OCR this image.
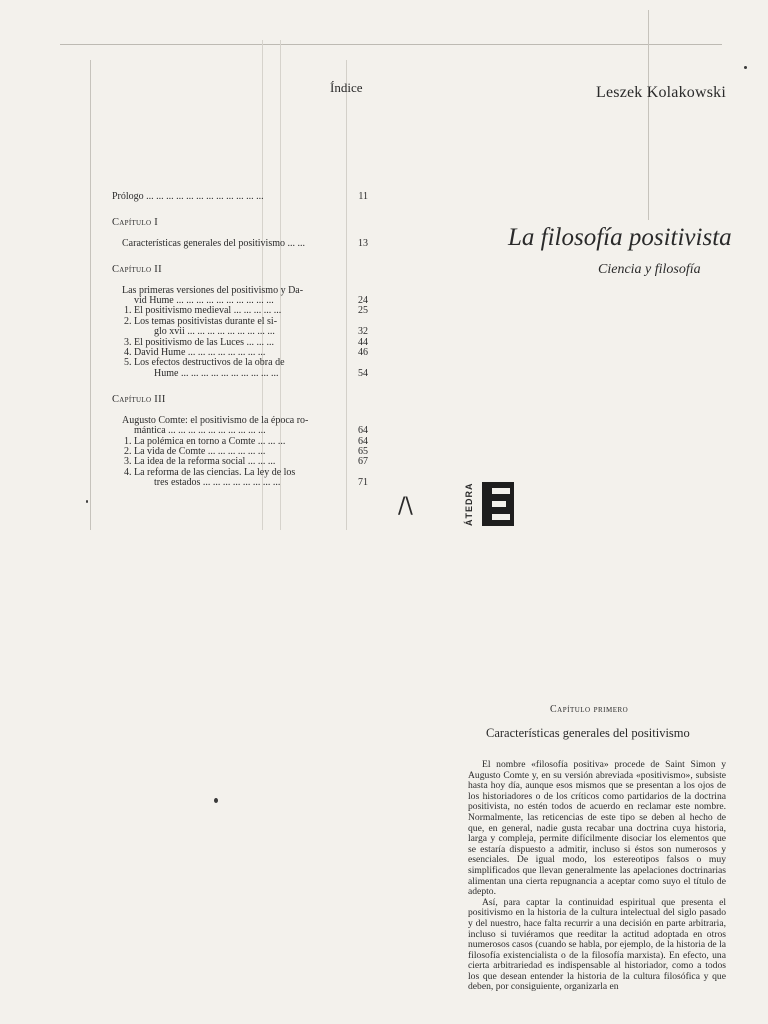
Índice
Prólogo ... ... ... ... ... ... ... ... ... ... ... ...	11
Capítulo I
Características generales del positivismo ... ...	13
Capítulo II
Las primeras versiones del positivismo y Da-
vid Hume ... ... ... ... ... ... ... ... ... ...	24
1. El positivismo medieval ... ... ... ... ...	25
2. Los temas positivistas durante el si-
glo xvii ... ... ... ... ... ... ... ... ...	32
3. El positivismo de las Luces ... ... ...	44
4. David Hume ... ... ... ... ... ... ... ...	46
5. Los efectos destructivos de la obra de
Hume ... ... ... ... ... ... ... ... ... ...	54
Capítulo III
Augusto Comte: el positivismo de la época ro-
mántica ... ... ... ... ... ... ... ... ... ...	64
1. La polémica en torno a Comte ... ... ...	64
2. La vida de Comte ... ... ... ... ... ...	65
3. La idea de la reforma social ... ... ...	67
4. La reforma de las ciencias. La ley de los
tres estados ... ... ... ... ... ... ... ...	71
/\
Leszek Kolakowski
La filosofía positivista
Ciencia y filosofía
ÁTEDRA
Capítulo primero
Características generales del positivismo

El nombre «filosofía positiva» procede de Saint Simon y Augusto Comte y, en su versión abreviada «positivismo», subsiste hasta hoy día, aunque esos mismos que se presentan a los ojos de los historiadores o de los críticos como partidarios de la doctrina positivista, no estén todos de acuerdo en reclamar este nombre. Normalmente, las reticencias de este tipo se deben al hecho de que, en general, nadie gusta recabar una doctrina cuya historia, larga y compleja, permite difícilmente disociar los elementos que se estaría dispuesto a admitir, incluso si éstos son numerosos y esenciales. De igual modo, los estereotipos falsos o muy simplificados que llevan generalmente las apelaciones doctrinarias alimentan una cierta repugnancia a aceptar como suyo el título de adepto.

Así, para captar la continuidad espiritual que presenta el positivismo en la historia de la cultura intelectual del siglo pasado y del nuestro, hace falta recurrir a una decisión en parte arbitraria, incluso si tuviéramos que reeditar la actitud adoptada en otros numerosos casos (cuando se habla, por ejemplo, de la historia de la filosofía existencialista o de la filosofía marxista). En efecto, una cierta arbitrariedad es indispensable al historiador, como a todos los que desean entender la historia de la cultura filosófica y que deben, por consiguiente, organizarla en
